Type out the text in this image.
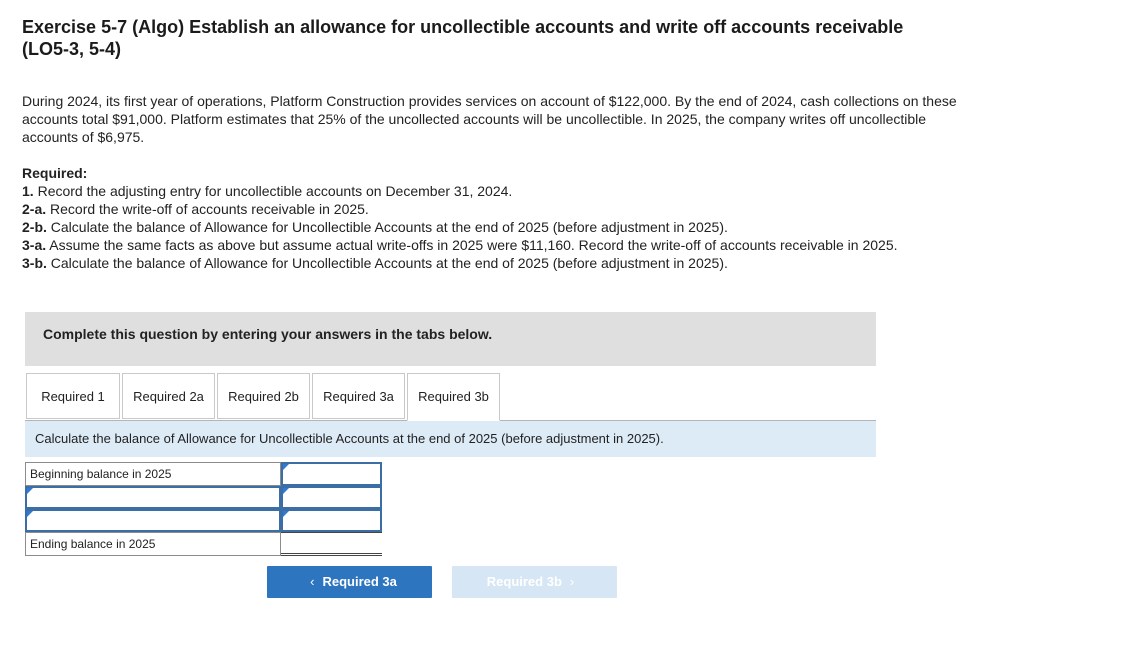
Exercise 5-7 (Algo) Establish an allowance for uncollectible accounts and write off accounts receivable
(LO5-3, 5-4)
During 2024, its first year of operations, Platform Construction provides services on account of $122,000. By the end of 2024, cash collections on these accounts total $91,000. Platform estimates that 25% of the uncollected accounts will be uncollectible. In 2025, the company writes off uncollectible accounts of $6,975.
Required:
1. Record the adjusting entry for uncollectible accounts on December 31, 2024.
2-a. Record the write-off of accounts receivable in 2025.
2-b. Calculate the balance of Allowance for Uncollectible Accounts at the end of 2025 (before adjustment in 2025).
3-a. Assume the same facts as above but assume actual write-offs in 2025 were $11,160. Record the write-off of accounts receivable in 2025.
3-b. Calculate the balance of Allowance for Uncollectible Accounts at the end of 2025 (before adjustment in 2025).
Complete this question by entering your answers in the tabs below.
Required 1	Required 2a	Required 2b	Required 3a	Required 3b
Calculate the balance of Allowance for Uncollectible Accounts at the end of 2025 (before adjustment in 2025).
Beginning balance in 2025
Ending balance in 2025
‹ Required 3a	Required 3b ›
